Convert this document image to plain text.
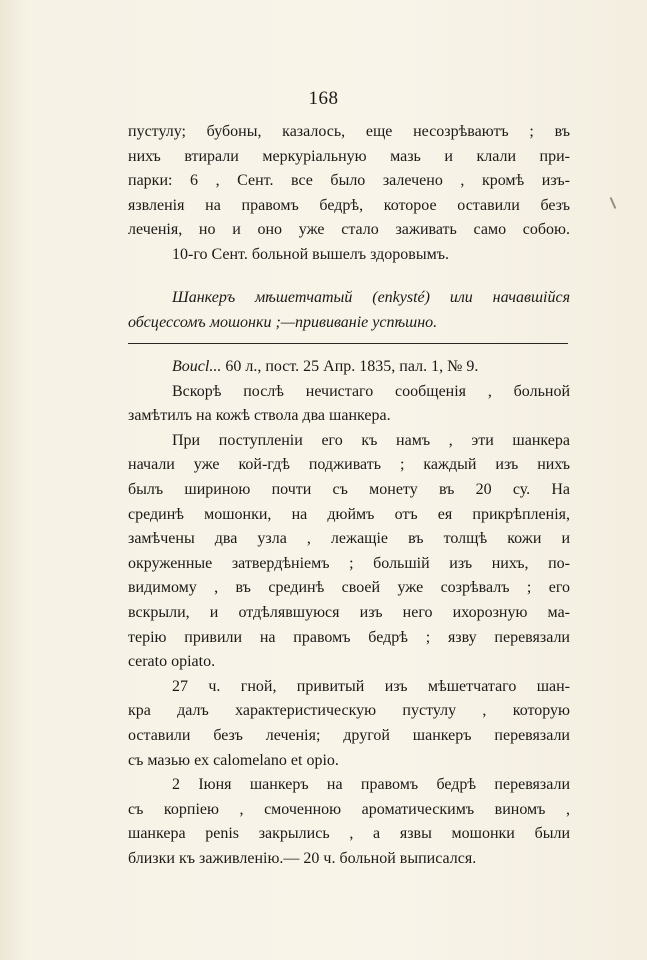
168
пустулу; бубоны, казалось, еще несозрѣваютъ ; въ
нихъ втирали меркуріальную мазь и клали при-
парки: 6 , Сент. все было залечено , кромѣ изъ-
язвленія на правомъ бедрѣ, которое оставили безъ
леченія, но и оно уже стало заживать само собою.
10-го Сент. больной вышелъ здоровымъ.
Шанкеръ мѣшетчатый (enkysté) или начавшійся
обсцессомъ мошонки ;—прививаніе успѣшно.
Boucl... 60 л., пост. 25 Апр. 1835, пал. 1, № 9.
Вскорѣ послѣ нечистаго сообщенія , больной
замѣтилъ на кожѣ ствола два шанкера.
При поступленіи его къ намъ , эти шанкера
начали уже кой-гдѣ подживать ; каждый изъ нихъ
былъ шириною почти съ монету въ 20 су. На
срединѣ мошонки, на дюймъ отъ ея прикрѣпленія,
замѣчены два узла , лежащіе въ толщѣ кожи и
окруженные затвердѣніемъ ; большій изъ нихъ, по-
видимому , въ срединѣ своей уже созрѣвалъ ; его
вскрыли, и отдѣлявшуюся изъ него ихорозную ма-
терію привили на правомъ бедрѣ ; язву перевязали
cerato opiato.
27 ч. гной, привитый изъ мѣшетчатаго шан-
кра далъ характеристическую пустулу , которую
оставили безъ леченія; другой шанкеръ перевязали
съ мазью ex calomelano et opio.
2 Іюня шанкеръ на правомъ бедрѣ перевязали
съ корпіею , смоченною ароматическимъ виномъ ,
шанкера penis закрылись , а язвы мошонки были
близки къ заживленію.— 20 ч. больной выписался.
